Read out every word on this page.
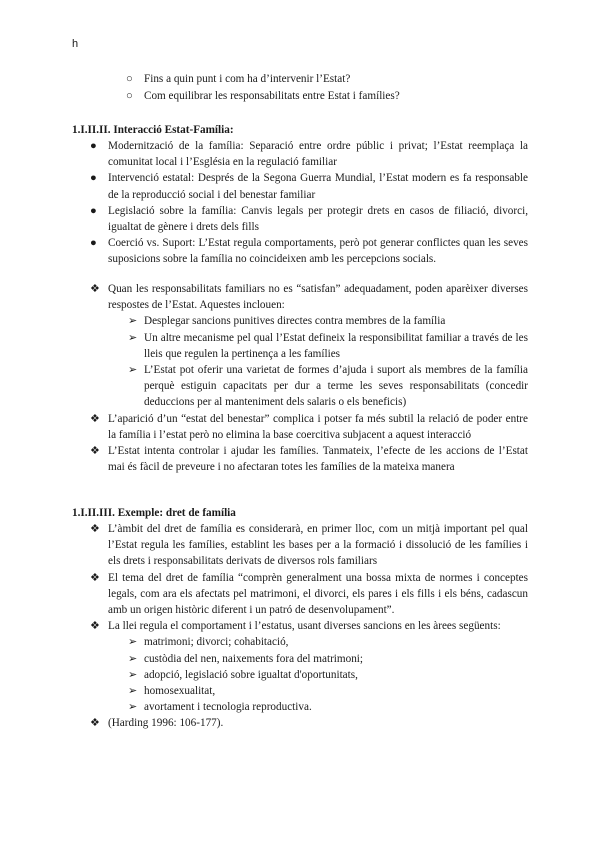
h
○ Fins a quin punt i com ha d’intervenir l’Estat?
○ Com equilibrar les responsabilitats entre Estat i famílies?
1.I.II.II. Interacció Estat-Família:
● Modernització de la família: Separació entre ordre públic i privat; l’Estat reemplaça la comunitat local i l’Església en la regulació familiar
● Intervenció estatal: Després de la Segona Guerra Mundial, l’Estat modern es fa responsable de la reproducció social i del benestar familiar
● Legislació sobre la família: Canvis legals per protegir drets en casos de filiació, divorci, igualtat de gènere i drets dels fills
● Coerció vs. Suport: L’Estat regula comportaments, però pot generar conflictes quan les seves suposicions sobre la família no coincideixen amb les percepcions socials.
❖ Quan les responsabilitats familiars no es “satisfan” adequadament, poden aparèixer diverses respostes de l’Estat. Aquestes inclouen:
➢ Desplegar sancions punitives directes contra membres de la família
➢ Un altre mecanisme pel qual l’Estat defineix la responsibilitat familiar a través de les lleis que regulen la pertinença a les famílies
➢ L’Estat pot oferir una varietat de formes d’ajuda i suport als membres de la família perquè estiguin capacitats per dur a terme les seves responsabilitats (concedir deduccions per al manteniment dels salaris o els beneficis)
❖ L’aparició d’un “estat del benestar” complica i potser fa més subtil la relació de poder entre la família i l’estat però no elimina la base coercitiva subjacent a aquest interacció
❖ L’Estat intenta controlar i ajudar les famílies. Tanmateix, l’efecte de les accions de l’Estat mai és fàcil de preveure i no afectaran totes les famílies de la mateixa manera
1.I.II.III. Exemple: dret de família
❖ L’àmbit del dret de família es considerarà, en primer lloc, com un mitjà important pel qual l’Estat regula les famílies, establint les bases per a la formació i dissolució de les famílies i els drets i responsabilitats derivats de diversos rols familiars
❖ El tema del dret de família “comprèn generalment una bossa mixta de normes i conceptes legals, com ara els afectats pel matrimoni, el divorci, els pares i els fills i els béns, cadascun amb un origen històric diferent i un patró de desenvolupament”.
❖ La llei regula el comportament i l’estatus, usant diverses sancions en les àrees següents:
➢ matrimoni; divorci; cohabitació,
➢ custòdia del nen, naixements fora del matrimoni;
➢ adopció, legislació sobre igualtat d'oportunitats,
➢ homosexualitat,
➢ avortament i tecnologia reproductiva.
❖ (Harding 1996: 106-177).
